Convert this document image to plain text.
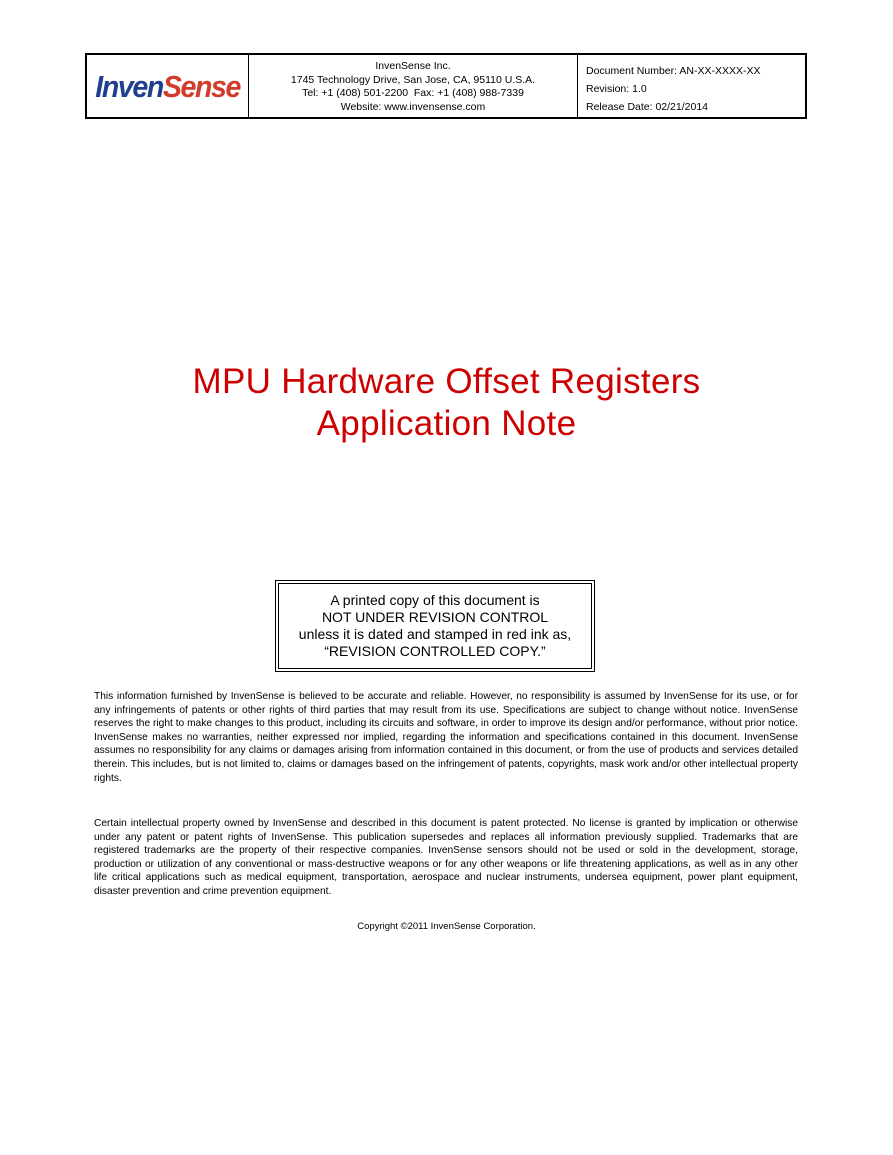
InvenSense
InvenSense Inc.
1745 Technology Drive, San Jose, CA, 95110 U.S.A.
Tel: +1 (408) 501-2200  Fax: +1 (408) 988-7339
Website: www.invensense.com
Document Number: AN-XX-XXXX-XX
Revision: 1.0
Release Date: 02/21/2014
MPU Hardware Offset Registers
Application Note
A printed copy of this document is
NOT UNDER REVISION CONTROL
unless it is dated and stamped in red ink as,
“REVISION CONTROLLED COPY.”

This information furnished by InvenSense is believed to be accurate and reliable. However, no responsibility is assumed by InvenSense for its use, or for any infringements of patents or other rights of third parties that may result from its use. Specifications are subject to change without notice. InvenSense reserves the right to make changes to this product, including its circuits and software, in order to improve its design and/or performance, without prior notice. InvenSense makes no warranties, neither expressed nor implied, regarding the information and specifications contained in this document. InvenSense assumes no responsibility for any claims or damages arising from information contained in this document, or from the use of products and services detailed therein. This includes, but is not limited to, claims or damages based on the infringement of patents, copyrights, mask work and/or other intellectual property rights.

Certain intellectual property owned by InvenSense and described in this document is patent protected. No license is granted by implication or otherwise under any patent or patent rights of InvenSense. This publication supersedes and replaces all information previously supplied. Trademarks that are registered trademarks are the property of their respective companies. InvenSense sensors should not be used or sold in the development, storage, production or utilization of any conventional or mass-destructive weapons or for any other weapons or life threatening applications, as well as in any other life critical applications such as medical equipment, transportation, aerospace and nuclear instruments, undersea equipment, power plant equipment, disaster prevention and crime prevention equipment.

Copyright ©2011 InvenSense Corporation.
